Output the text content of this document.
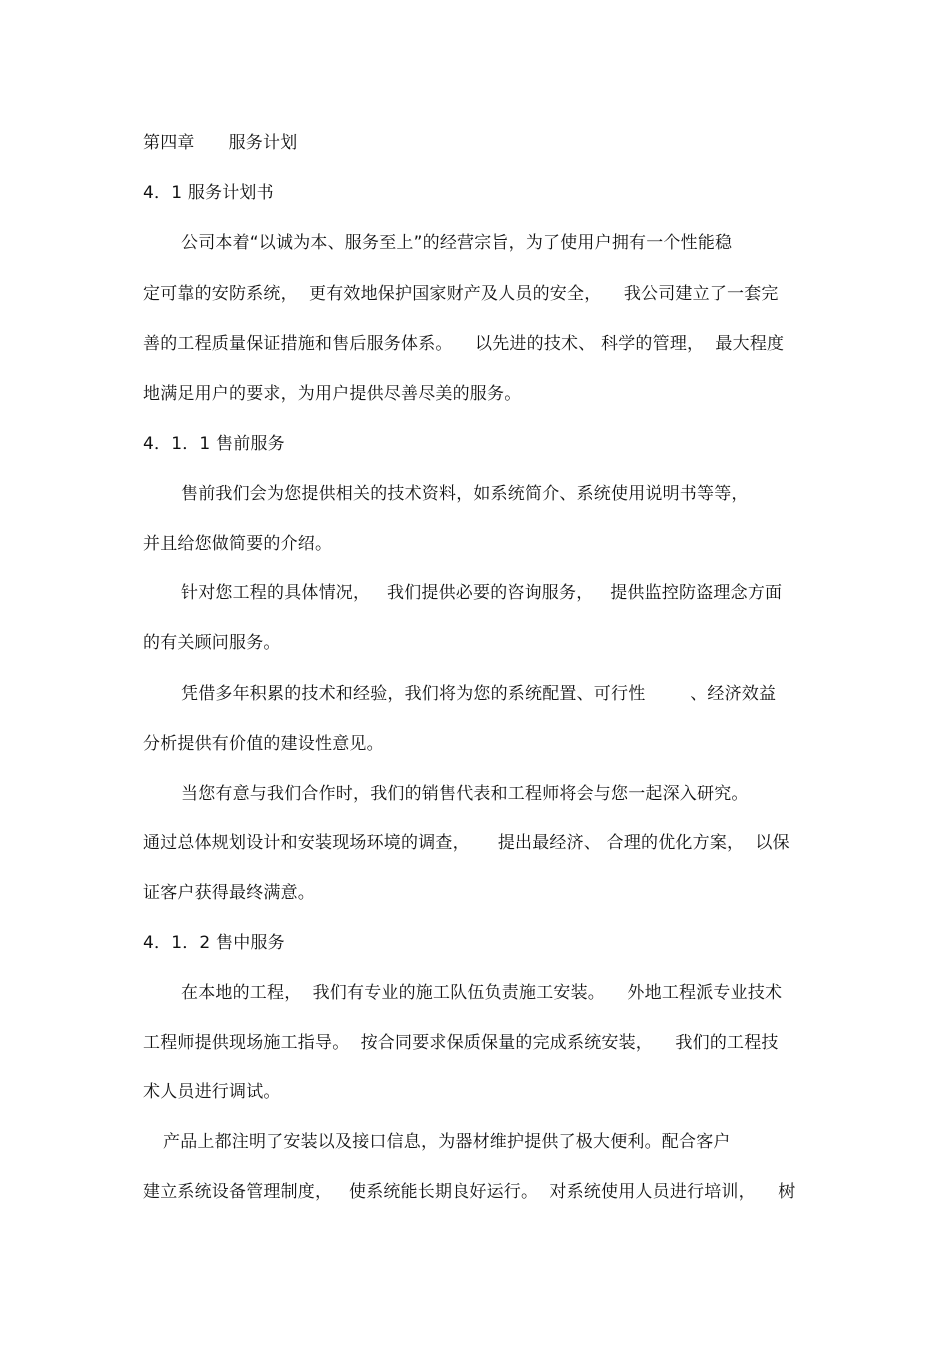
第四章 服务计划
4．1 服务计划书
公司本着“以诚为本、服务至上”的经营宗旨，为了使用户拥有一个性能稳
定可靠的安防系统，  更有效地保护国家财产及人员的安全，    我公司建立了一套完
善的工程质量保证措施和售后服务体系。    以先进的技术、 科学的管理，  最大程度
地满足用户的要求，为用户提供尽善尽美的服务。
4．1．1 售前服务
售前我们会为您提供相关的技术资料，如系统简介、系统使用说明书等等，
并且给您做简要的介绍。
针对您工程的具体情况，   我们提供必要的咨询服务，   提供监控防盗理念方面
的有关顾问服务。
凭借多年积累的技术和经验，我们将为您的系统配置、可行性        、经济效益
分析提供有价值的建设性意见。
当您有意与我们合作时，我们的销售代表和工程师将会与您一起深入研究。
通过总体规划设计和安装现场环境的调查，     提出最经济、 合理的优化方案，  以保
证客户获得最终满意。
4．1．2 售中服务
在本地的工程，  我们有专业的施工队伍负责施工安装。    外地工程派专业技术
工程师提供现场施工指导。  按合同要求保质保量的完成系统安装，    我们的工程技
术人员进行调试。
产品上都注明了安装以及接口信息，为器材维护提供了极大便利。配合客户
建立系统设备管理制度，   使系统能长期良好运行。  对系统使用人员进行培训，    树
